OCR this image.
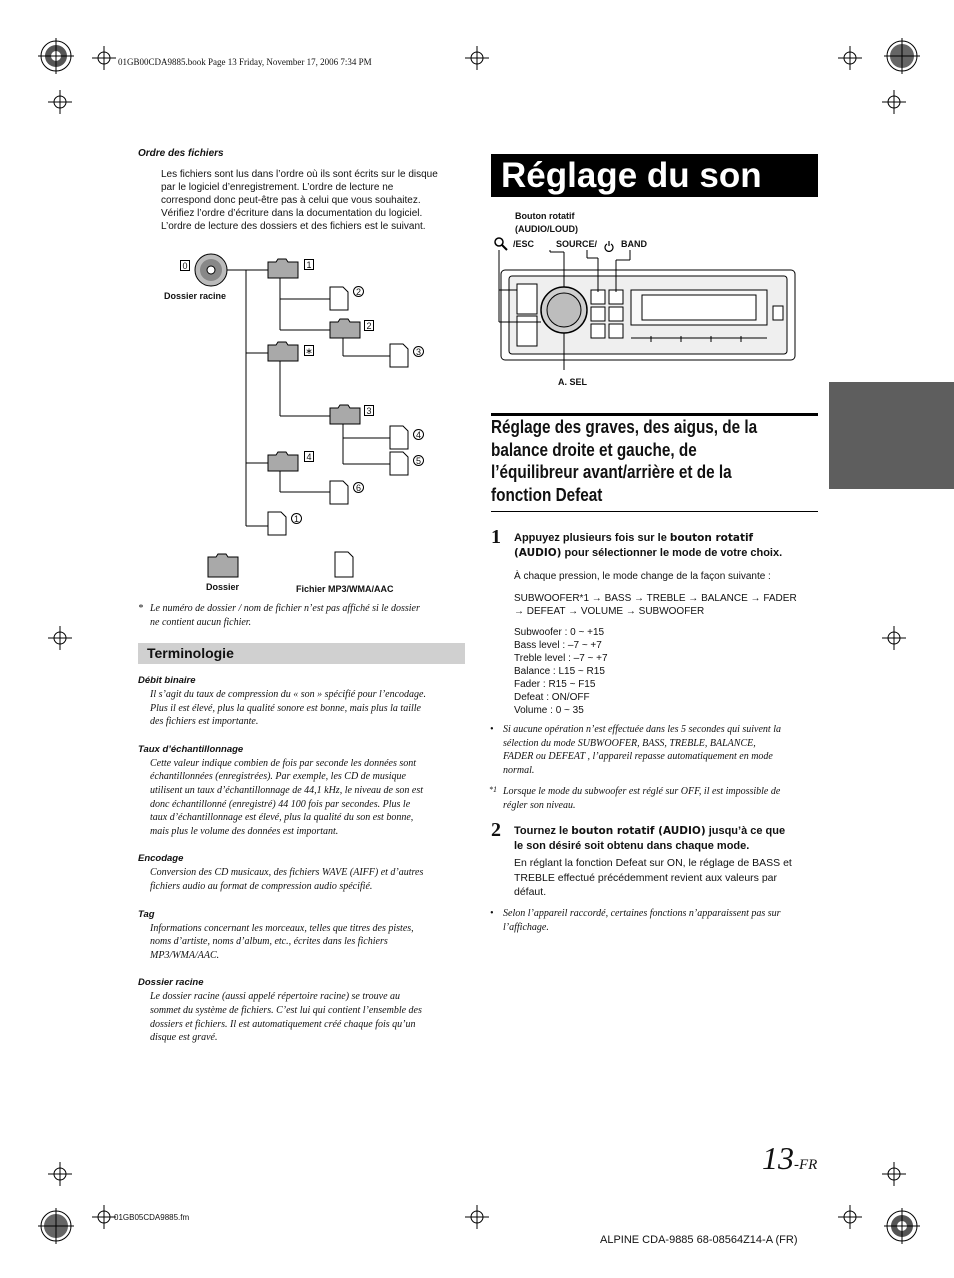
01GB00CDA9885.book Page 13 Friday, November 17, 2006 7:34 PM
Ordre des fichiers
Les fichiers sont lus dans l’ordre où ils sont écrits sur le disque
par le logiciel d’enregistrement. L’ordre de lecture ne
correspond donc peut-être pas à celui que vous souhaitez.
Vérifiez l’ordre d’écriture dans la documentation du logiciel.
L’ordre de lecture des dossiers et des fichiers est le suivant.
0
Dossier racine
1
2
∗
3
4
2
3
4
5
6
1
Dossier	Fichier MP3/WMA/AAC
* Le numéro de dossier / nom de fichier n’est pas affiché si le dossier
ne contient aucun fichier.
Terminologie
Débit binaire
Il s’agit du taux de compression du « son » spécifié pour l’encodage.
Plus il est élevé, plus la qualité sonore est bonne, mais plus la taille
des fichiers est importante.
Taux d’échantillonnage
Cette valeur indique combien de fois par seconde les données sont
échantillonnées (enregistrées). Par exemple, les CD de musique
utilisent un taux d’échantillonnage de 44,1 kHz, le niveau de son est
donc échantillonné (enregistré) 44 100 fois par secondes. Plus le
taux d’échantillonnage est élevé, plus la qualité du son est bonne,
mais plus le volume des données est important.
Encodage
Conversion des CD musicaux, des fichiers WAVE (AIFF) et d’autres
fichiers audio au format de compression audio spécifié.
Tag
Informations concernant les morceaux, telles que titres des pistes,
noms d’artiste, noms d’album, etc., écrites dans les fichiers
MP3/WMA/AAC.
Dossier racine
Le dossier racine (aussi appelé répertoire racine) se trouve au
sommet du système de fichiers. C’est lui qui contient l’ensemble des
dossiers et fichiers. Il est automatiquement créé chaque fois qu’un
disque est gravé.
Réglage du son
Bouton rotatif
(AUDIO/LOUD)
/ESC SOURCE/	BAND
A. SEL
Réglage des graves, des aigus, de la
balance droite et gauche, de
l’équilibreur avant/arrière et de la
fonction Defeat
1 Appuyez plusieurs fois sur le bouton rotatif
(AUDIO) pour sélectionner le mode de votre choix.
À chaque pression, le mode change de la façon suivante :
SUBWOOFER*1 → BASS → TREBLE → BALANCE → FADER
→ DEFEAT → VOLUME → SUBWOOFER
Subwoofer : 0 ~ +15
Bass level : –7 ~ +7
Treble level : –7 ~ +7
Balance : L15 ~ R15
Fader : R15 ~ F15
Defeat : ON/OFF
Volume : 0 ~ 35
• Si aucune opération n’est effectuée dans les 5 secondes qui suivent la
sélection du mode SUBWOOFER, BASS, TREBLE, BALANCE,
FADER ou DEFEAT , l’appareil repasse automatiquement en mode
normal.
*1 Lorsque le mode du subwoofer est réglé sur OFF, il est impossible de
régler son niveau.
2 Tournez le bouton rotatif (AUDIO) jusqu’à ce que
le son désiré soit obtenu dans chaque mode.
En réglant la fonction Defeat sur ON, le réglage de BASS et
TREBLE effectué précédemment revient aux valeurs par
défaut.
• Selon l’appareil raccordé, certaines fonctions n’apparaissent pas sur
l’affichage.
13-FR
01GB05CDA9885.fm
ALPINE CDA-9885 68-08564Z14-A (FR)
